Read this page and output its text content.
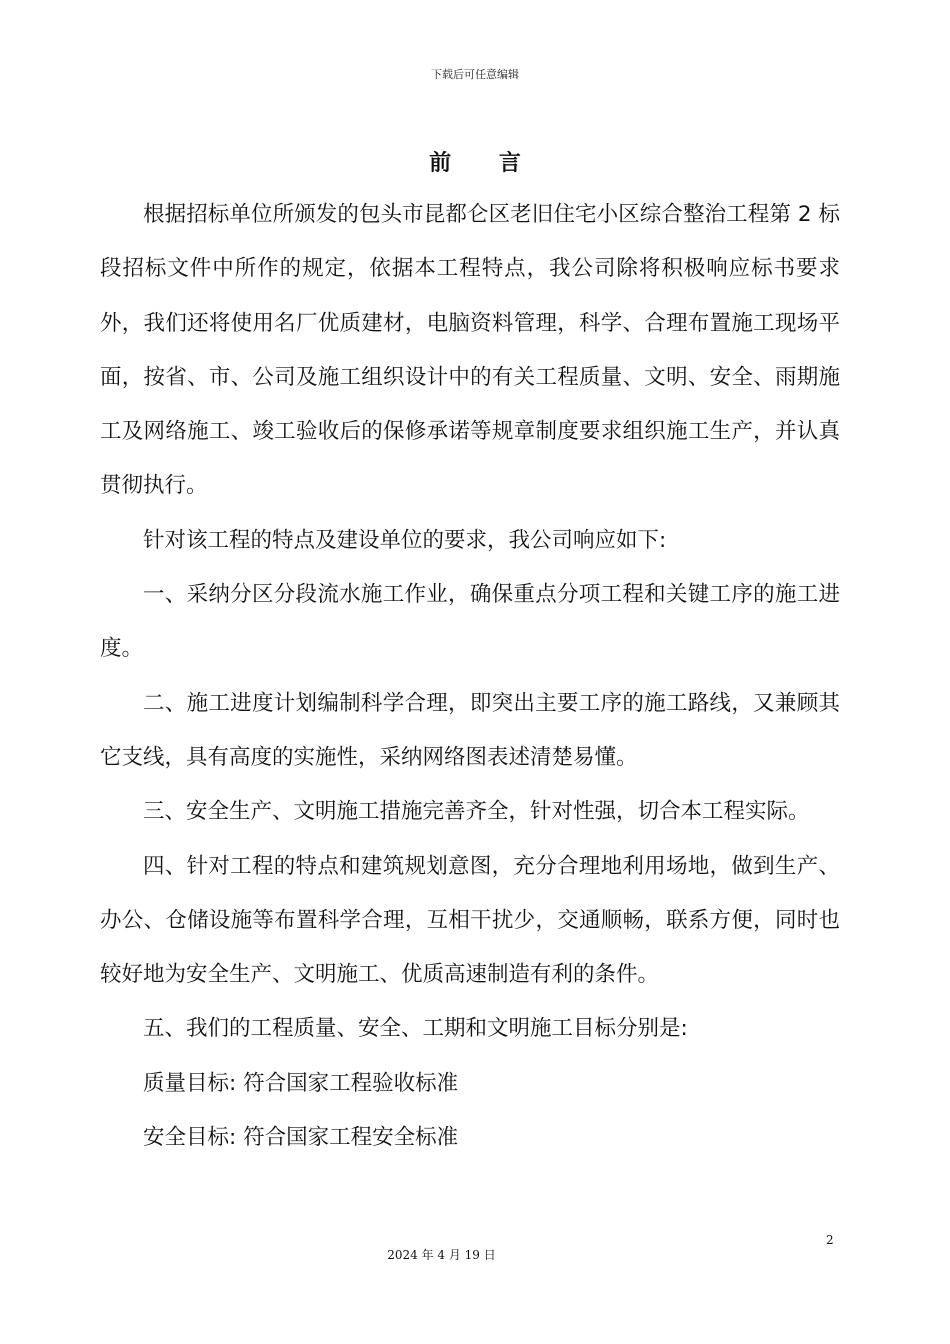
下载后可任意编辑
前 言

根据招标单位所颁发的包头市昆都仑区老旧住宅小区综合整治工程第 2 标段招标文件中所作的规定，依据本工程特点，我公司除将积极响应标书要求外，我们还将使用名厂优质建材，电脑资料管理，科学、合理布置施工现场平面，按省、市、公司及施工组织设计中的有关工程质量、文明、安全、雨期施工及网络施工、竣工验收后的保修承诺等规章制度要求组织施工生产，并认真贯彻执行。

针对该工程的特点及建设单位的要求，我公司响应如下:

一、采纳分区分段流水施工作业，确保重点分项工程和关键工序的施工进度。

二、施工进度计划编制科学合理，即突出主要工序的施工路线，又兼顾其它支线，具有高度的实施性，采纳网络图表述清楚易懂。

三、安全生产、文明施工措施完善齐全，针对性强，切合本工程实际。

四、针对工程的特点和建筑规划意图，充分合理地利用场地，做到生产、办公、仓储设施等布置科学合理，互相干扰少，交通顺畅，联系方便，同时也较好地为安全生产、文明施工、优质高速制造有利的条件。

五、我们的工程质量、安全、工期和文明施工目标分别是:

质量目标: 符合国家工程验收标准

安全目标: 符合国家工程安全标准

2
2024 年 4 月 19 日
